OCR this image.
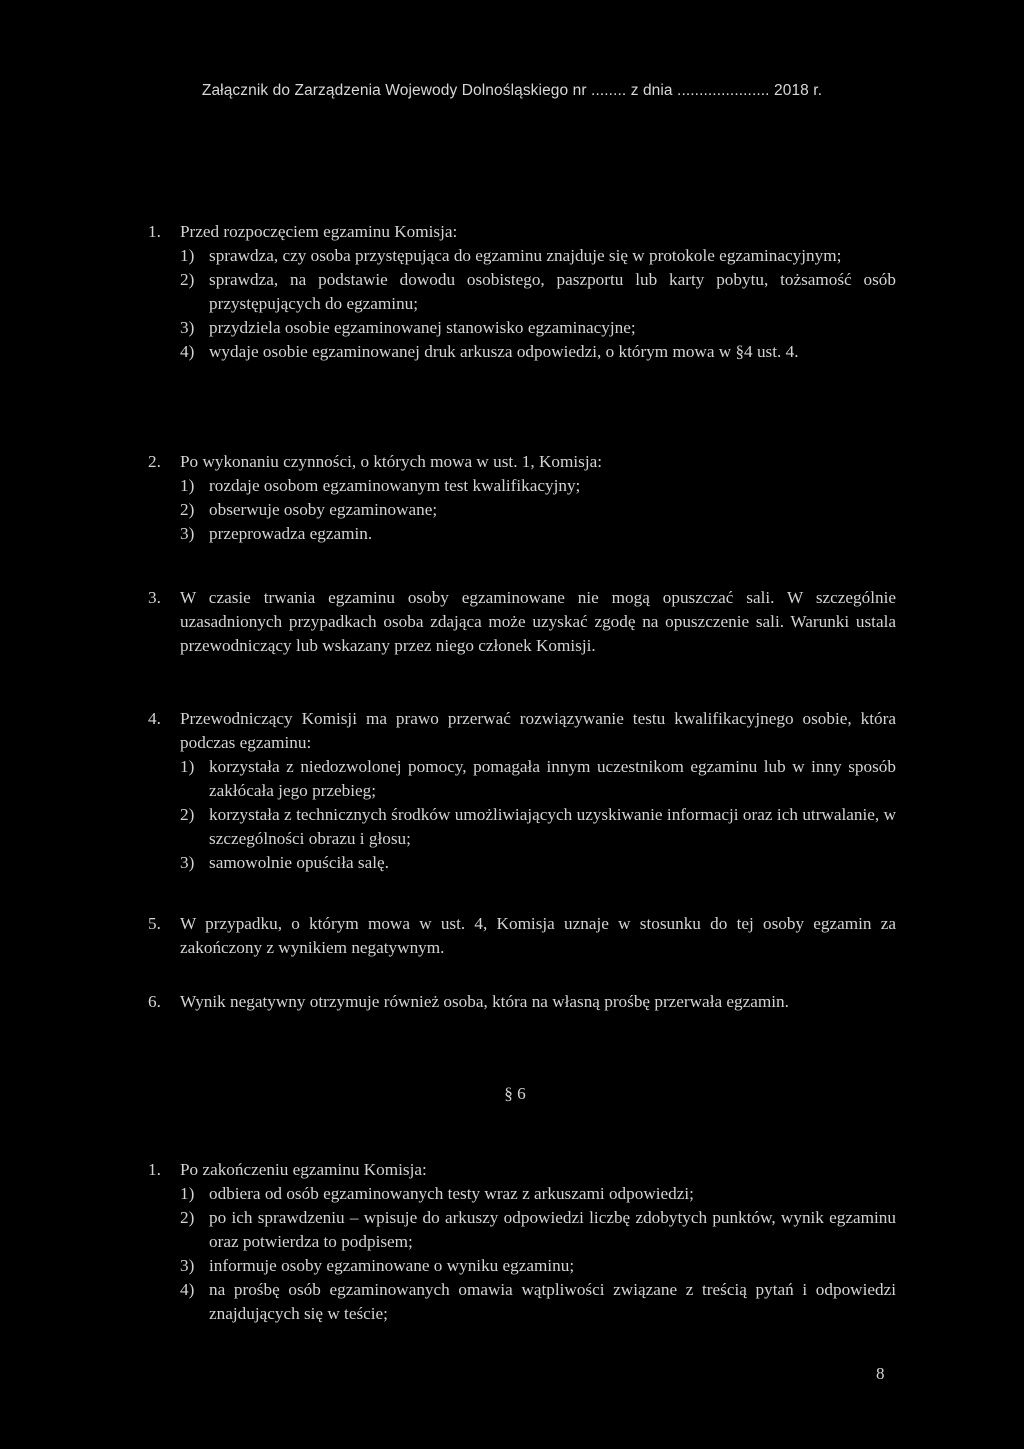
Załącznik do Zarządzenia Wojewody Dolnośląskiego nr ........ z dnia ..................... 2018 r.
1.	Przed rozpoczęciem egzaminu Komisja:
1) sprawdza, czy osoba przystępująca do egzaminu znajduje się w protokole egzaminacyjnym;
2) sprawdza, na podstawie dowodu osobistego, paszportu lub karty pobytu, tożsamość osób przystępujących do egzaminu;
3) przydziela osobie egzaminowanej stanowisko egzaminacyjne;
4) wydaje osobie egzaminowanej druk arkusza odpowiedzi, o którym mowa w §4 ust. 4.
2.	Po wykonaniu czynności, o których mowa w ust. 1, Komisja:
1) rozdaje osobom egzaminowanym test kwalifikacyjny;
2) obserwuje osoby egzaminowane;
3) przeprowadza egzamin.
3.	W czasie trwania egzaminu osoby egzaminowane nie mogą opuszczać sali. W szczególnie uzasadnionych przypadkach osoba zdająca może uzyskać zgodę na opuszczenie sali. Warunki ustala przewodniczący lub wskazany przez niego członek Komisji.
4.	Przewodniczący Komisji ma prawo przerwać rozwiązywanie testu kwalifikacyjnego osobie, która podczas egzaminu:
1) korzystała z niedozwolonej pomocy, pomagała innym uczestnikom egzaminu lub w inny sposób zakłócała jego przebieg;
2) korzystała z technicznych środków umożliwiających uzyskiwanie informacji oraz ich utrwalanie, w szczególności obrazu i głosu;
3) samowolnie opuściła salę.
5.	W przypadku, o którym mowa w ust. 4, Komisja uznaje w stosunku do tej osoby egzamin za zakończony z wynikiem negatywnym.
6.	Wynik negatywny otrzymuje również osoba, która na własną prośbę przerwała egzamin.
§ 6
1.	Po zakończeniu egzaminu Komisja:
1) odbiera od osób egzaminowanych testy wraz z arkuszami odpowiedzi;
2) po ich sprawdzeniu – wpisuje do arkuszy odpowiedzi liczbę zdobytych punktów, wynik egzaminu oraz potwierdza to podpisem;
3) informuje osoby egzaminowane o wyniku egzaminu;
4) na prośbę osób egzaminowanych omawia wątpliwości związane z treścią pytań i odpowiedzi znajdujących się w teście;
8
